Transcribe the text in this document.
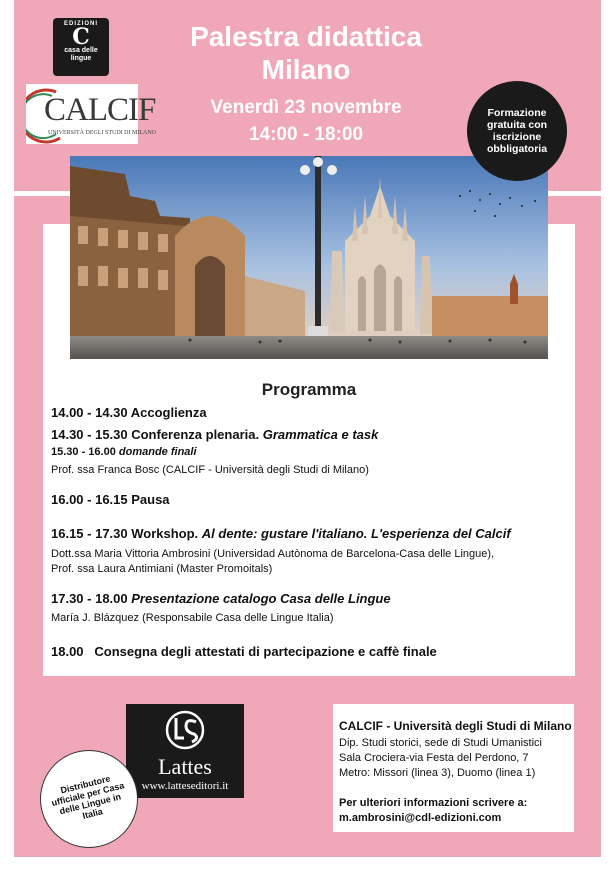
EDIZIONI
C
casa delle
lingue
CALCIF
UNIVERSITÀ DEGLI STUDI DI MILANO
Palestra didattica
Milano
Venerdì 23 novembre
14:00 - 18:00
Formazione gratuita con iscrizione obbligatoria
Programma
14.00 - 14.30 Accoglienza
14.30 - 15.30 Conferenza plenaria. Grammatica e task
15.30 - 16.00 domande finali
Prof. ssa Franca Bosc (CALCIF - Università degli Studi di Milano)
16.00 - 16.15 Pausa
16.15 - 17.30 Workshop. Al dente: gustare l'italiano. L'esperienza del Calcif
Dott.ssa Maria Vittoria Ambrosini (Universidad Autònoma de Barcelona-Casa delle Lingue),
Prof. ssa Laura Antimiani (Master Promoitals)
17.30 - 18.00 Presentazione catalogo Casa delle Lingue
María J. Blázquez (Responsabile Casa delle Lingue Italia)
18.00   Consegna degli attestati di partecipazione e caffè finale
Lattes
www.latteseditori.it
CALCIF - Università degli Studi di Milano
Dip. Studi storici, sede di Studi Umanistici
Sala Crociera-via Festa del Perdono, 7
Metro: Missori (linea 3), Duomo (linea 1)
Per ulteriori informazioni scrivere a:
m.ambrosini@cdl-edizioni.com
Distributore ufficiale per Casa delle Lingue in Italia
